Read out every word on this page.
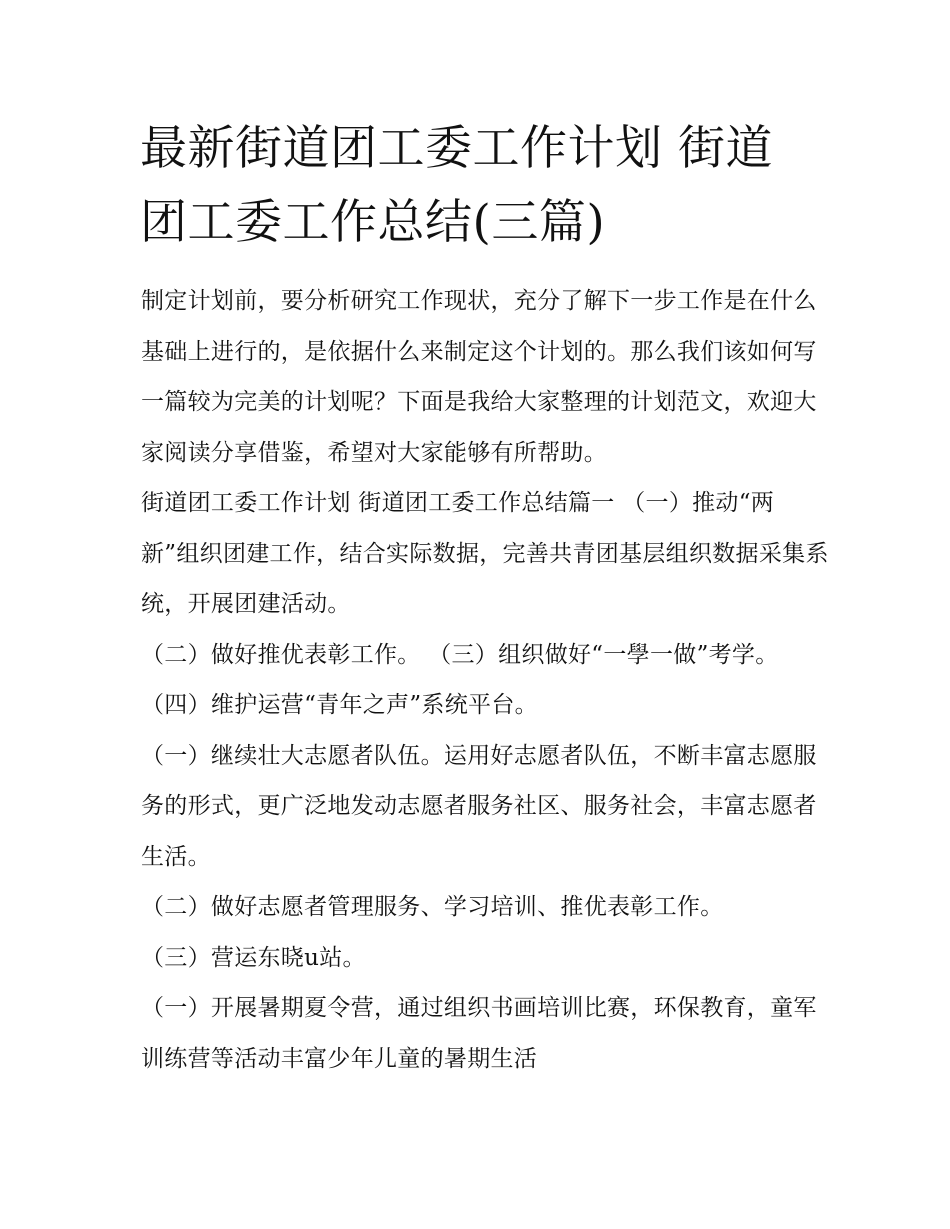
最新街道团工委工作计划 街道团工委工作总结(三篇)

制定计划前，要分析研究工作现状，充分了解下一步工作是在什么基础上进行的，是依据什么来制定这个计划的。那么我们该如何写一篇较为完美的计划呢？下面是我给大家整理的计划范文，欢迎大家阅读分享借鉴，希望对大家能够有所帮助。

街道团工委工作计划 街道团工委工作总结篇一 （一）推动“两新”组织团建工作，结合实际数据，完善共青团基层组织数据采集系统，开展团建活动。

（二）做好推优表彰工作。 （三）组织做好“一學一做”考学。 （四）维护运营“青年之声”系统平台。

（一）继续壮大志愿者队伍。运用好志愿者队伍，不断丰富志愿服务的形式，更广泛地发动志愿者服务社区、服务社会，丰富志愿者生活。

（二）做好志愿者管理服务、学习培训、推优表彰工作。

（三）营运东晓u站。

（一）开展暑期夏令营，通过组织书画培训比赛，环保教育，童军训练营等活动丰富少年儿童的暑期生活
